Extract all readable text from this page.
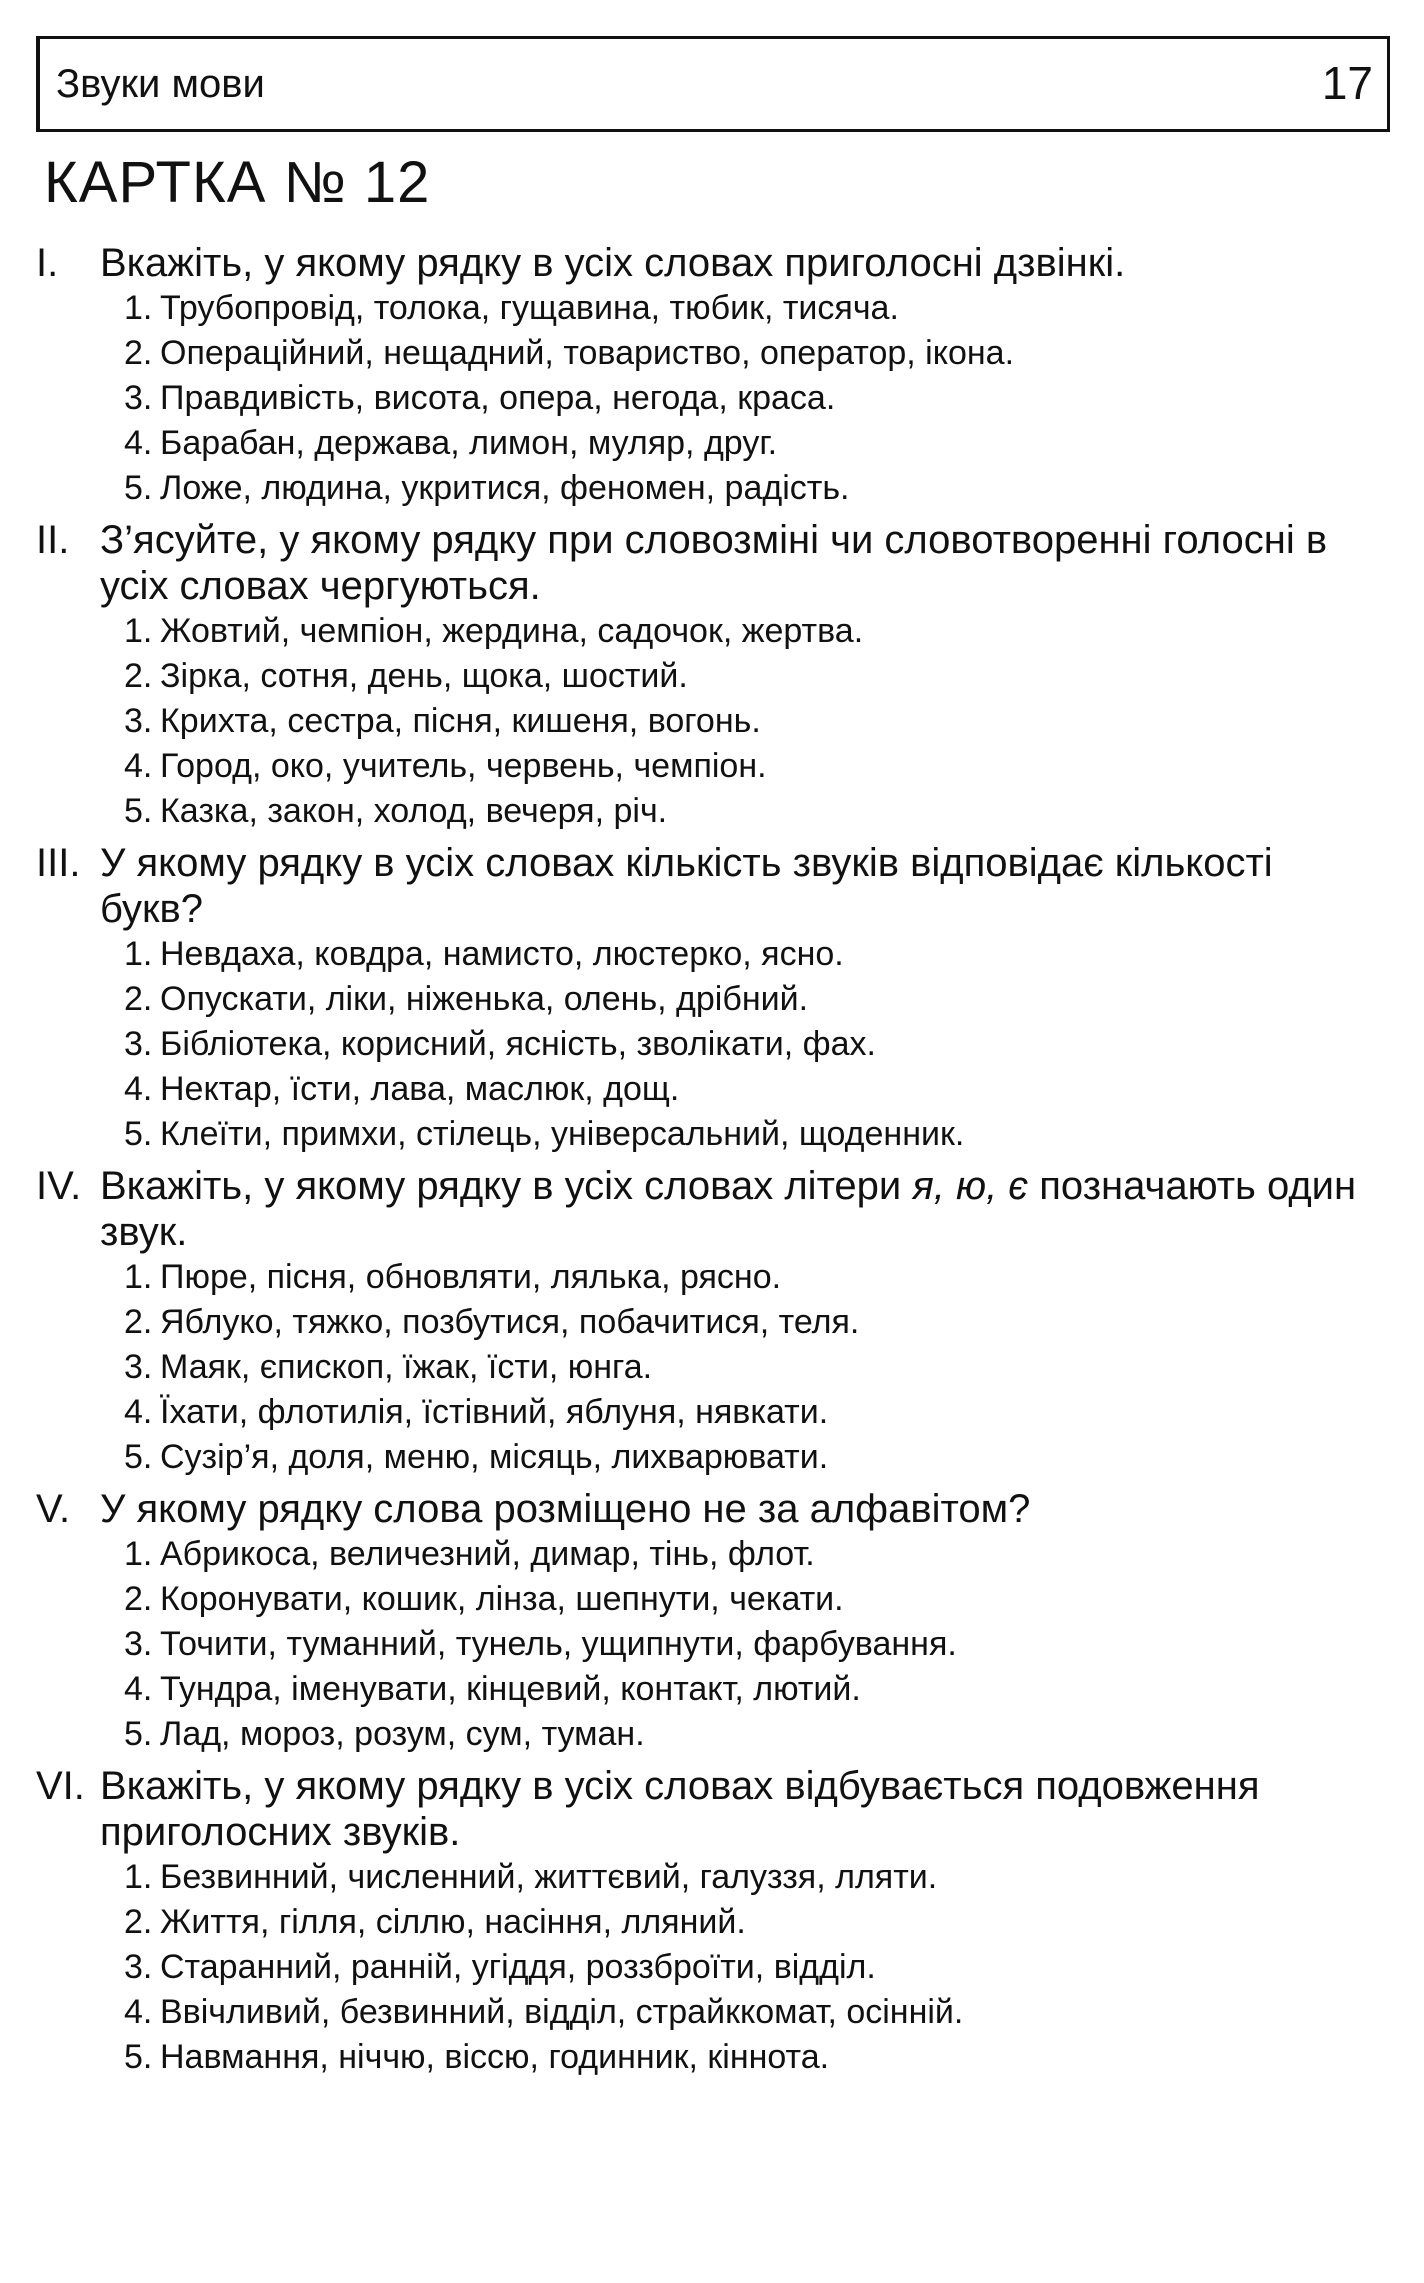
Звуки мови	17
КАРТКА № 12
I.	Вкажіть, у якому рядку в усіх словах приголосні дзвінкі.
1. Трубопровід, толока, гущавина, тюбик, тисяча.
2. Операційний, нещадний, товариство, оператор, ікона.
3. Правдивість, висота, опера, негода, краса.
4. Барабан, держава, лимон, муляр, друг.
5. Ложе, людина, укритися, феномен, радість.
II. З’ясуйте, у якому рядку при словозміні чи словотворенні голосні в усіх словах чергуються.
1. Жовтий, чемпіон, жердина, садочок, жертва.
2. Зірка, сотня, день, щока, шостий.
3. Крихта, сестра, пісня, кишеня, вогонь.
4. Город, око, учитель, червень, чемпіон.
5. Казка, закон, холод, вечеря, річ.
III. У якому рядку в усіх словах кількість звуків відповідає кількості букв?
1. Невдаха, ковдра, намисто, люстерко, ясно.
2. Опускати, ліки, ніженька, олень, дрібний.
3. Бібліотека, корисний, ясність, зволікати, фах.
4. Нектар, їсти, лава, маслюк, дощ.
5. Клеїти, примхи, стілець, універсальний, щоденник.
IV. Вкажіть, у якому рядку в усіх словах літери я, ю, є позначають один звук.
1. Пюре, пісня, обновляти, лялька, рясно.
2. Яблуко, тяжко, позбутися, побачитися, теля.
3. Маяк, єпископ, їжак, їсти, юнга.
4. Їхати, флотилія, їстівний, яблуня, нявкати.
5. Сузір’я, доля, меню, місяць, лихварювати.
V. У якому рядку слова розміщено не за алфавітом?
1. Абрикоса, величезний, димар, тінь, флот.
2. Коронувати, кошик, лінза, шепнути, чекати.
3. Точити, туманний, тунель, ущипнути, фарбування.
4. Тундра, іменувати, кінцевий, контакт, лютий.
5. Лад, мороз, розум, сум, туман.
VI. Вкажіть, у якому рядку в усіх словах відбувається подовження приголосних звуків.
1. Безвинний, численний, життєвий, галуззя, лляти.
2. Життя, гілля, сіллю, насіння, лляний.
3. Старанний, ранній, угіддя, роззброїти, відділ.
4. Ввічливий, безвинний, відділ, страйккомат, осінній.
5. Навмання, нiччю, віссю, годинник, кіннота.
